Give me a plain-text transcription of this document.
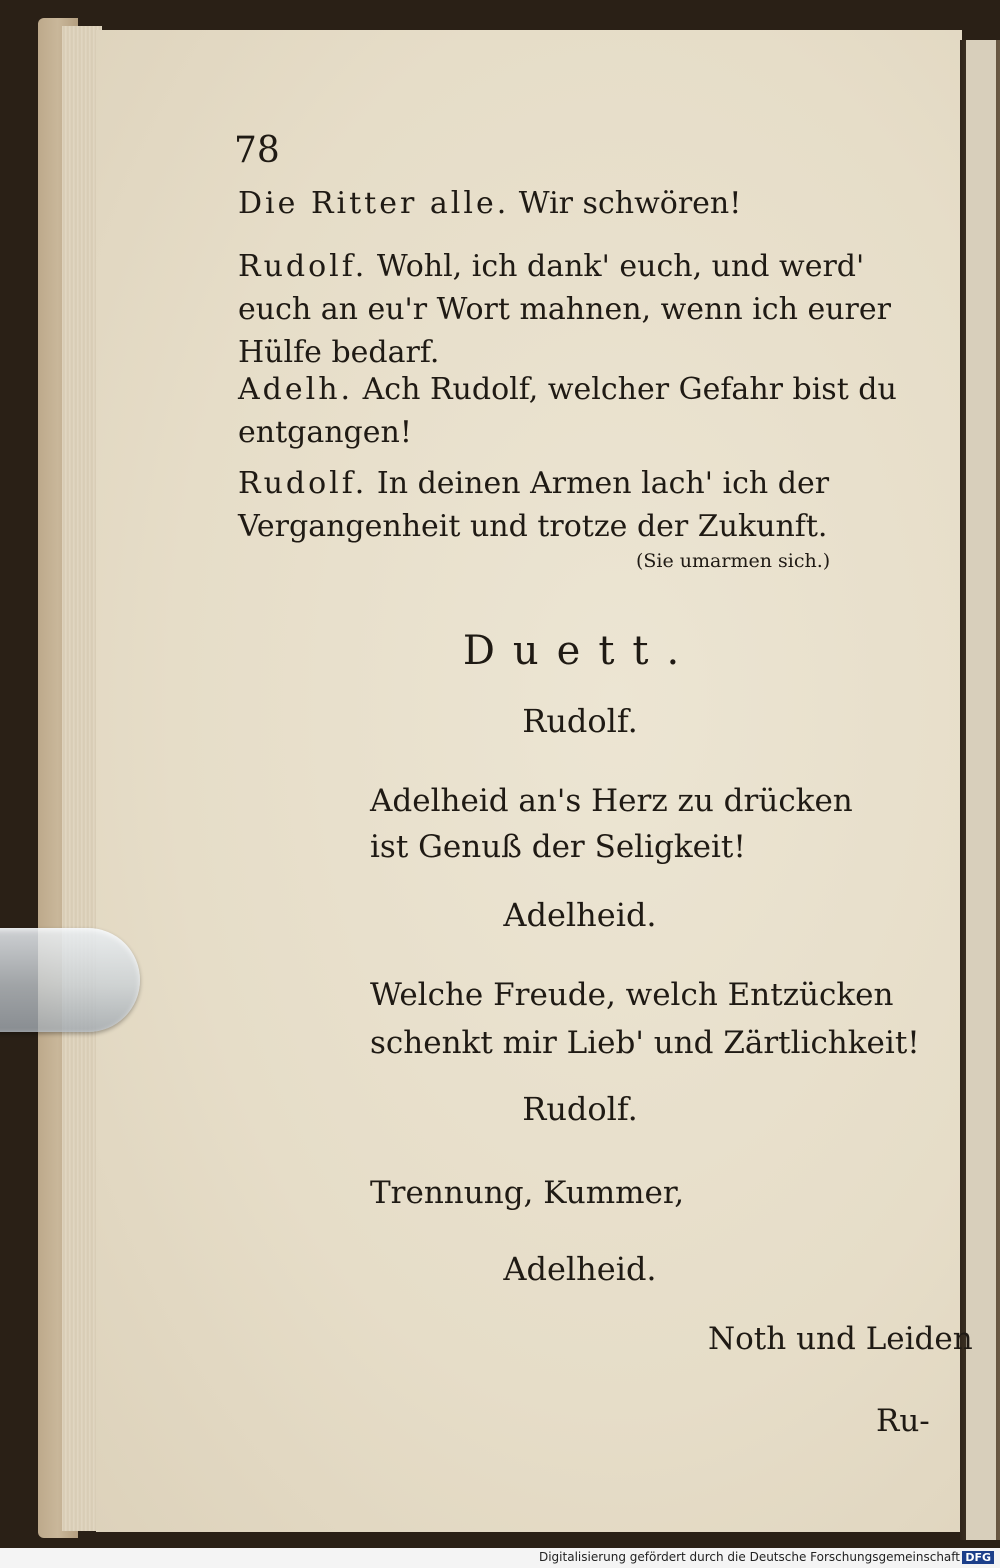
78
Die Ritter alle. Wir schwören!
Rudolf. Wohl, ich dank' euch, und werd' euch an eu'r Wort mahnen, wenn ich eurer Hülfe bedarf.
Adelh. Ach Rudolf, welcher Gefahr bist du entgangen!
Rudolf. In deinen Armen lach' ich der Vergangenheit und trotze der Zukunft.
(Sie umarmen sich.)
Duett.
Rudolf.
Adelheid an's Herz zu drücken
ist Genuß der Seligkeit!
Adelheid.
Welche Freude, welch Entzücken
schenkt mir Lieb' und Zärtlichkeit!
Rudolf.
Trennung, Kummer,
Adelheid.
Noth und Leiden
Ru-
Digitalisierung gefördert durch die Deutsche Forschungsgemeinschaft DFG
